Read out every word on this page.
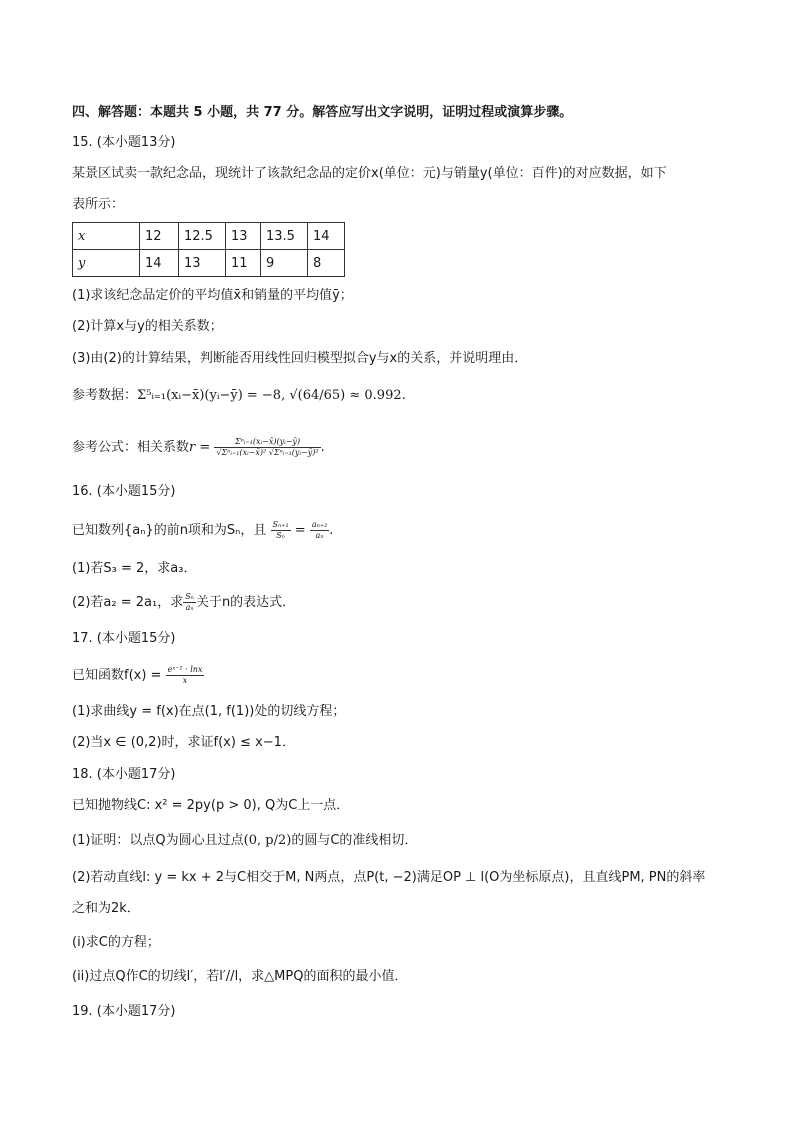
四、解答题：本题共 5 小题，共 77 分。解答应写出文字说明，证明过程或演算步骤。
15. (本小题13分)
某景区试卖一款纪念品，现统计了该款纪念品的定价x(单位：元)与销量y(单位：百件)的对应数据，如下
表所示：
x	12	12.5	13	13.5	14
y	14	13	11	9	8
(1)求该纪念品定价的平均值x̄和销量的平均值ȳ；
(2)计算x与y的相关系数；
(3)由(2)的计算结果，判断能否用线性回归模型拟合y与x的关系，并说明理由．
参考数据：Σ⁵ᵢ₌₁(xᵢ−x̄)(yᵢ−ȳ) = −8, √(64/65) ≈ 0.992.
参考公式：相关系数$r = \frac{\text{Σⁿᵢ₌₁(xᵢ−x̄)(yᵢ−ȳ)}}{\text{√Σⁿᵢ₌₁(xᵢ−x̄)² √Σⁿᵢ₌₁(yᵢ−ȳ)²}}$ .
16. (本小题15分)
已知数列{aₙ}的前n项和为Sₙ，且 $\frac{\text{Sₙ₊₁}}{\text{Sₙ}} = \frac{\text{aₙ₊₂}}{\text{aₙ}}$ .
(1)若S₃ = 2，求a₃．
(2)若a₂ = 2a₁，求 $\frac{\text{Sₙ}}{\text{aₙ}}$ 关于n的表达式．
17. (本小题15分)
已知函数$f(x) = \frac{\text{eˣ⁻¹ · lnx}}{x}$
(1)求曲线y = f(x)在点(1, f(1))处的切线方程；
(2)当x ∈ (0,2)时，求证f(x) ≤ x−1．
18. (本小题17分)
已知抛物线C: x² = 2py(p > 0), Q为C上一点．
(1)证明：以点Q为圆心且过点(0, p/2)的圆与C的准线相切．
(2)若动直线l: y = kx + 2与C相交于M, N两点，点P(t, −2)满足OP ⊥ l(O为坐标原点)，且直线PM, PN的斜率
之和为2k．
(i)求C的方程；
(ii)过点Q作C的切线l′，若l′//l，求△MPQ的面积的最小值．
19. (本小题17分)
